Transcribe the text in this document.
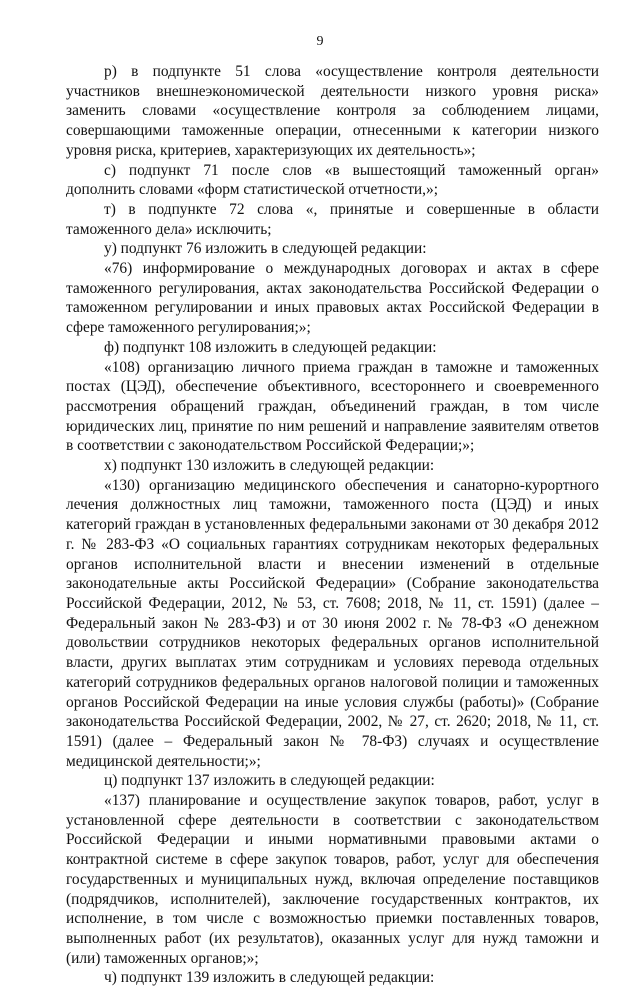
9

р) в подпункте 51 слова «осуществление контроля деятельности участников внешнеэкономической деятельности низкого уровня риска» заменить словами «осуществление контроля за соблюдением лицами, совершающими таможенные операции, отнесенными к категории низкого уровня риска, критериев, характеризующих их деятельность»;

с) подпункт 71 после слов «в вышестоящий таможенный орган» дополнить словами «форм статистической отчетности,»;

т) в подпункте 72 слова «, принятые и совершенные в области таможенного дела» исключить;

у) подпункт 76 изложить в следующей редакции:

«76) информирование о международных договорах и актах в сфере таможенного регулирования, актах законодательства Российской Федерации о таможенном регулировании и иных правовых актах Российской Федерации в сфере таможенного регулирования;»;

ф) подпункт 108 изложить в следующей редакции:

«108) организацию личного приема граждан в таможне и таможенных постах (ЦЭД), обеспечение объективного, всестороннего и своевременного рассмотрения обращений граждан, объединений граждан, в том числе юридических лиц, принятие по ним решений и направление заявителям ответов в соответствии с законодательством Российской Федерации;»;

х) подпункт 130 изложить в следующей редакции:

«130) организацию медицинского обеспечения и санаторно-курортного лечения должностных лиц таможни, таможенного поста (ЦЭД) и иных категорий граждан в установленных федеральными законами от 30 декабря 2012 г. № 283-ФЗ «О социальных гарантиях сотрудникам некоторых федеральных органов исполнительной власти и внесении изменений в отдельные законодательные акты Российской Федерации» (Собрание законодательства Российской Федерации, 2012, № 53, ст. 7608; 2018, № 11, ст. 1591) (далее – Федеральный закон № 283-ФЗ) и от 30 июня 2002 г. № 78-ФЗ «О денежном довольствии сотрудников некоторых федеральных органов исполнительной власти, других выплатах этим сотрудникам и условиях перевода отдельных категорий сотрудников федеральных органов налоговой полиции и таможенных органов Российской Федерации на иные условия службы (работы)» (Собрание законодательства Российской Федерации, 2002, № 27, ст. 2620; 2018, № 11, ст. 1591) (далее – Федеральный закон № 78-ФЗ) случаях и осуществление медицинской деятельности;»;

ц) подпункт 137 изложить в следующей редакции:

«137) планирование и осуществление закупок товаров, работ, услуг в установленной сфере деятельности в соответствии с законодательством Российской Федерации и иными нормативными правовыми актами о контрактной системе в сфере закупок товаров, работ, услуг для обеспечения государственных и муниципальных нужд, включая определение поставщиков (подрядчиков, исполнителей), заключение государственных контрактов, их исполнение, в том числе с возможностью приемки поставленных товаров, выполненных работ (их результатов), оказанных услуг для нужд таможни и (или) таможенных органов;»;

ч) подпункт 139 изложить в следующей редакции:
